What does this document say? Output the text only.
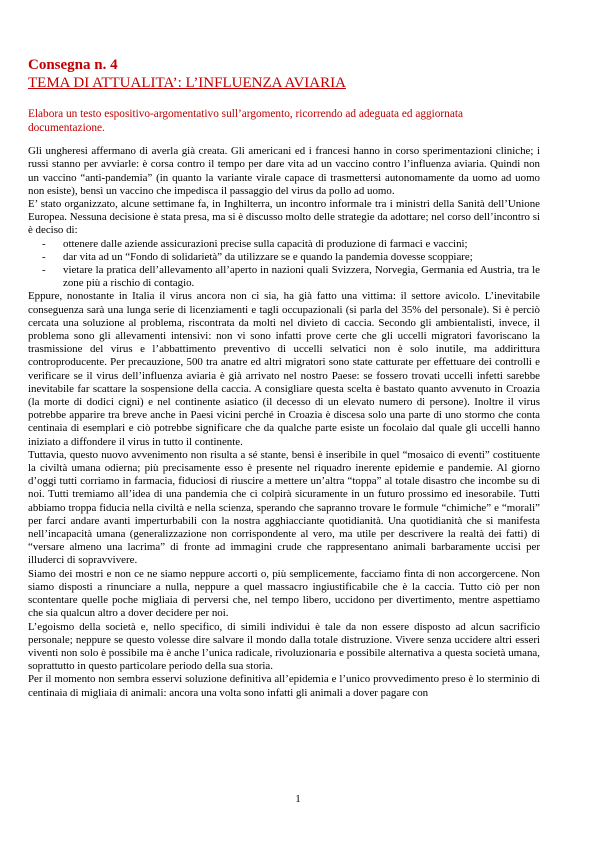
Consegna n. 4

TEMA DI ATTUALITA’: L’INFLUENZA AVIARIA

Elabora un testo espositivo-argomentativo sull’argomento, ricorrendo ad adeguata ed aggiornata documentazione.

Gli ungheresi affermano di averla già creata. Gli americani ed i francesi hanno in corso sperimentazioni cliniche; i russi stanno per avviarle: è corsa contro il tempo per dare vita ad un vaccino contro l’influenza aviaria. Quindi non un vaccino “anti-pandemia” (in quanto la variante virale capace di trasmettersi autonomamente da uomo ad uomo non esiste), bensì un vaccino che impedisca il passaggio del virus da pollo ad uomo.

E’ stato organizzato, alcune settimane fa, in Inghilterra, un incontro informale tra i ministri della Sanità dell’Unione Europea. Nessuna decisione è stata presa, ma si è discusso molto delle strategie da adottare; nel corso dell’incontro si è deciso di:

- ottenere dalle aziende assicurazioni precise sulla capacità di produzione di farmaci e vaccini;
- dar vita ad un “Fondo di solidarietà” da utilizzare se e quando la pandemia dovesse scoppiare;
- vietare la pratica dell’allevamento all’aperto in nazioni quali Svizzera, Norvegia, Germania ed Austria, tra le zone più a rischio di contagio.

Eppure, nonostante in Italia il virus ancora non ci sia, ha già fatto una vittima: il settore avicolo. L’inevitabile conseguenza sarà una lunga serie di licenziamenti e tagli occupazionali (si parla del 35% del personale). Si è perciò cercata una soluzione al problema, riscontrata da molti nel divieto di caccia. Secondo gli ambientalisti, invece, il problema sono gli allevamenti intensivi: non vi sono infatti prove certe che gli uccelli migratori favoriscano la trasmissione del virus e l’abbattimento preventivo di uccelli selvatici non è solo inutile, ma addirittura controproducente. Per precauzione, 500 tra anatre ed altri migratori sono state catturate per effettuare dei controlli e verificare se il virus dell’influenza aviaria è già arrivato nel nostro Paese: se fossero trovati uccelli infetti sarebbe inevitabile far scattare la sospensione della caccia. A consigliare questa scelta è bastato quanto avvenuto in Croazia (la morte di dodici cigni) e nel continente asiatico (il decesso di un elevato numero di persone). Inoltre il virus potrebbe apparire tra breve anche in Paesi vicini perché in Croazia è discesa solo una parte di uno stormo che conta centinaia di esemplari e ciò potrebbe significare che da qualche parte esiste un focolaio dal quale gli uccelli hanno iniziato a diffondere il virus in tutto il continente.

Tuttavia, questo nuovo avvenimento non risulta a sé stante, bensì è inseribile in quel “mosaico di eventi” costituente la civiltà umana odierna; più precisamente esso è presente nel riquadro inerente epidemie e pandemie. Al giorno d’oggi tutti corriamo in farmacia, fiduciosi di riuscire a mettere un’altra “toppa” al totale disastro che incombe su di noi. Tutti tremiamo all’idea di una pandemia che ci colpirà sicuramente in un futuro prossimo ed inesorabile. Tutti abbiamo troppa fiducia nella civiltà e nella scienza, sperando che sapranno trovare le formule “chimiche” e “morali” per farci andare avanti imperturbabili con la nostra agghiacciante quotidianità. Una quotidianità che si manifesta nell’incapacità umana (generalizzazione non corrispondente al vero, ma utile per descrivere la realtà dei fatti) di “versare almeno una lacrima” di fronte ad immagini crude che rappresentano animali barbaramente uccisi per illuderci di sopravvivere.

Siamo dei mostri e non ce ne siamo neppure accorti o, più semplicemente, facciamo finta di non accorgercene. Non siamo disposti a rinunciare a nulla, neppure a quel massacro ingiustificabile che è la caccia. Tutto ciò per non scontentare quelle poche migliaia di perversi che, nel tempo libero, uccidono per divertimento, mentre aspettiamo che sia qualcun altro a dover decidere per noi.

L’egoismo della società e, nello specifico, di simili individui è tale da non essere disposto ad alcun sacrificio personale; neppure se questo volesse dire salvare il mondo dalla totale distruzione. Vivere senza uccidere altri esseri viventi non solo è possibile ma è anche l’unica radicale, rivoluzionaria e possibile alternativa a questa società umana, soprattutto in questo particolare periodo della sua storia.

Per il momento non sembra esservi soluzione definitiva all’epidemia e l’unico provvedimento preso è lo sterminio di centinaia di migliaia di animali: ancora una volta sono infatti gli animali a dover pagare con

1
